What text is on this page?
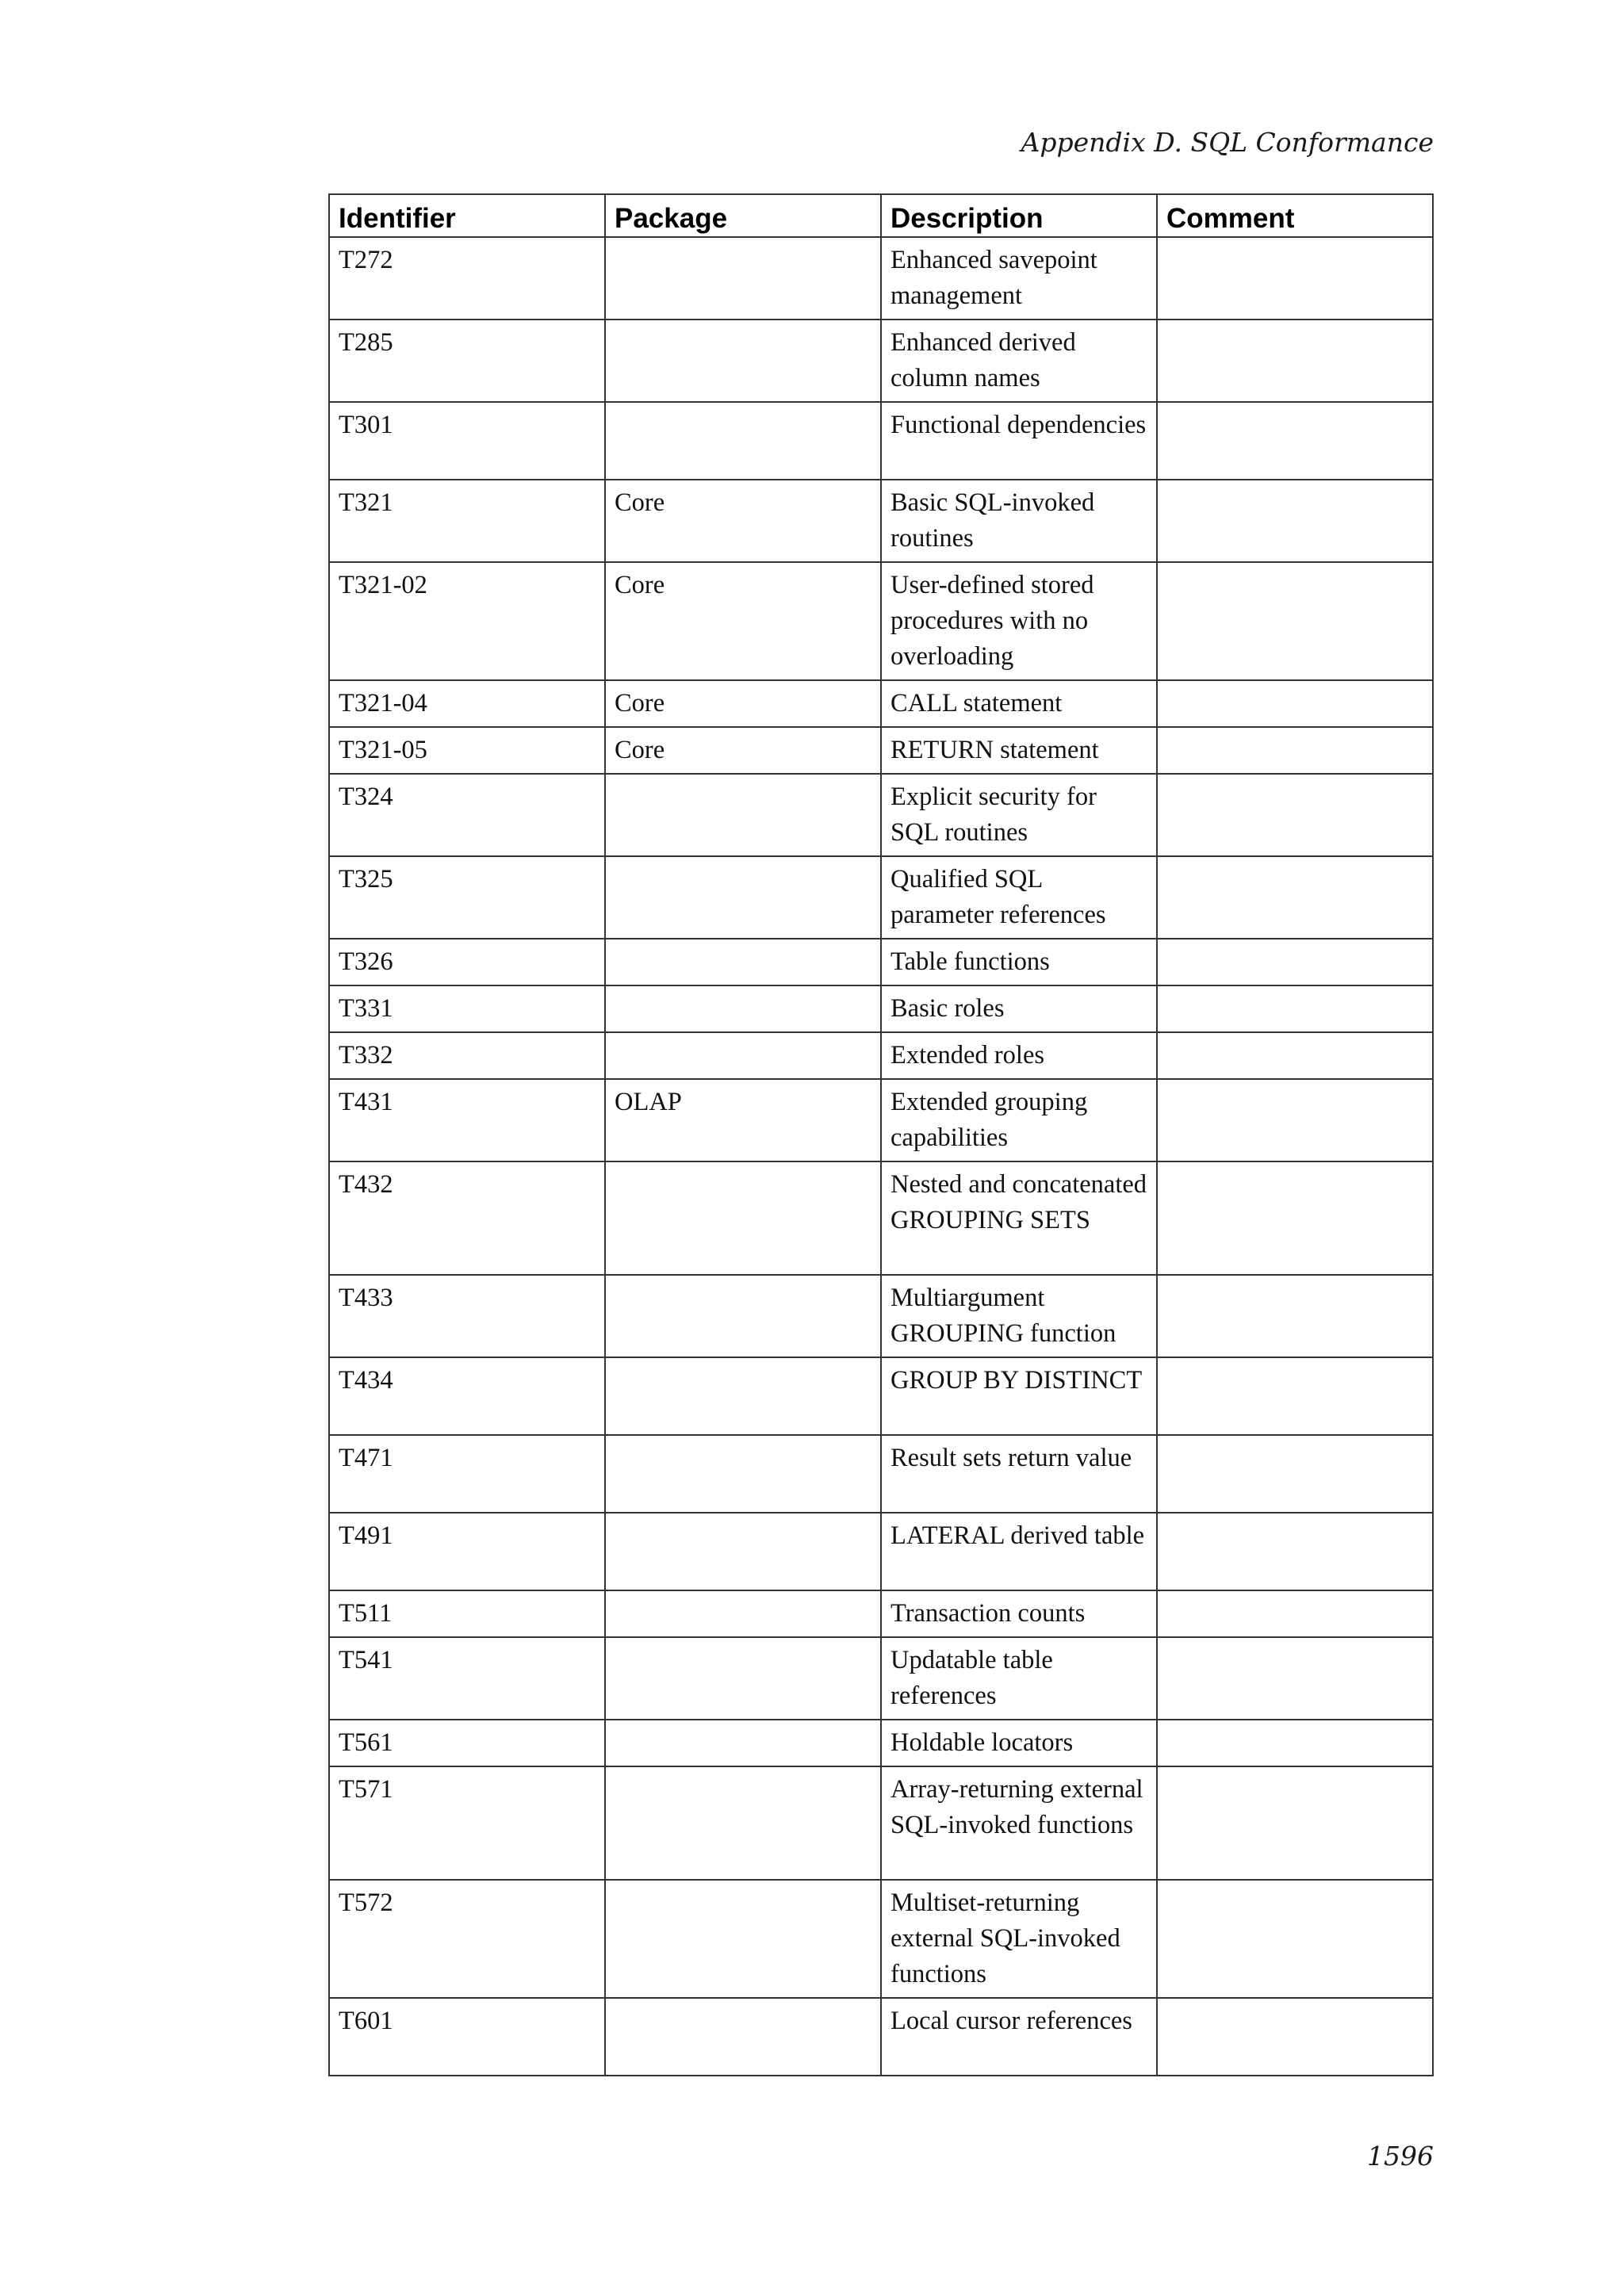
Appendix D. SQL Conformance
Identifier	Package	Description	Comment
T272		Enhanced savepoint management	
T285		Enhanced derived column names	
T301		Functional dependencies	
T321	Core	Basic SQL-invoked routines	
T321-02	Core	User-defined stored procedures with no overloading	
T321-04	Core	CALL statement	
T321-05	Core	RETURN statement	
T324		Explicit security for SQL routines	
T325		Qualified SQL parameter references	
T326		Table functions	
T331		Basic roles	
T332		Extended roles	
T431	OLAP	Extended grouping capabilities	
T432		Nested and concatenated GROUPING SETS	
T433		Multiargument GROUPING function	
T434		GROUP BY DISTINCT	
T471		Result sets return value	
T491		LATERAL derived table	
T511		Transaction counts	
T541		Updatable table references	
T561		Holdable locators	
T571		Array-returning external SQL-invoked functions	
T572		Multiset-returning external SQL-invoked functions	
T601		Local cursor references	
1596
